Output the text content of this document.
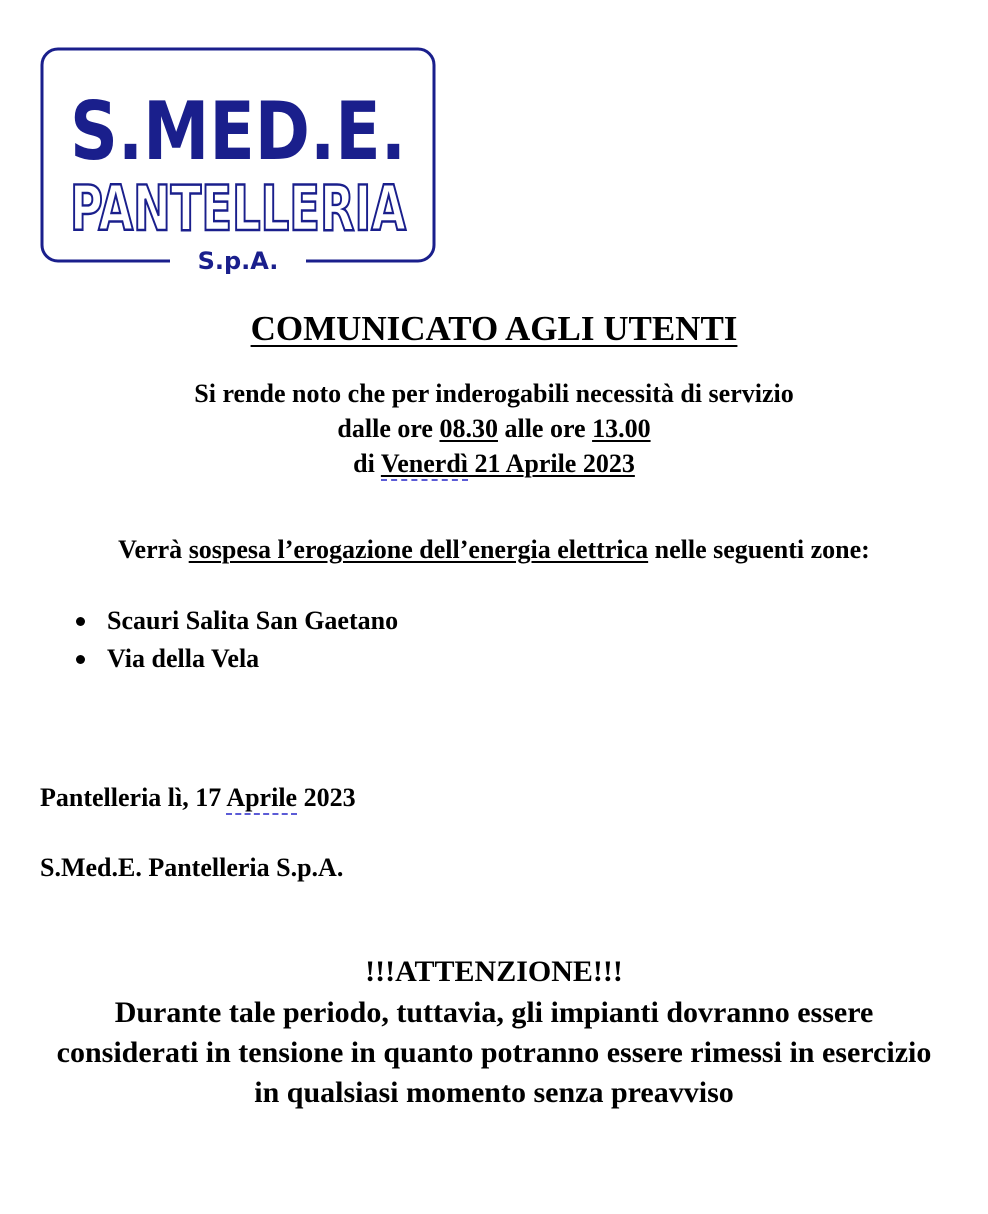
S.MED.E.
PANTELLERIA
S.p.A.
COMUNICATO AGLI UTENTI
Si rende noto che per inderogabili necessità di servizio
dalle ore 08.30 alle ore 13.00
di Venerdì 21 Aprile 2023
Verrà sospesa l’erogazione dell’energia elettrica nelle seguenti zone:
Scauri Salita San Gaetano
Via della Vela
Pantelleria lì, 17 Aprile 2023
S.Med.E. Pantelleria S.p.A.
!!!ATTENZIONE!!!
Durante tale periodo, tuttavia, gli impianti dovranno essere considerati in tensione in quanto potranno essere rimessi in esercizio in qualsiasi momento senza preavviso
